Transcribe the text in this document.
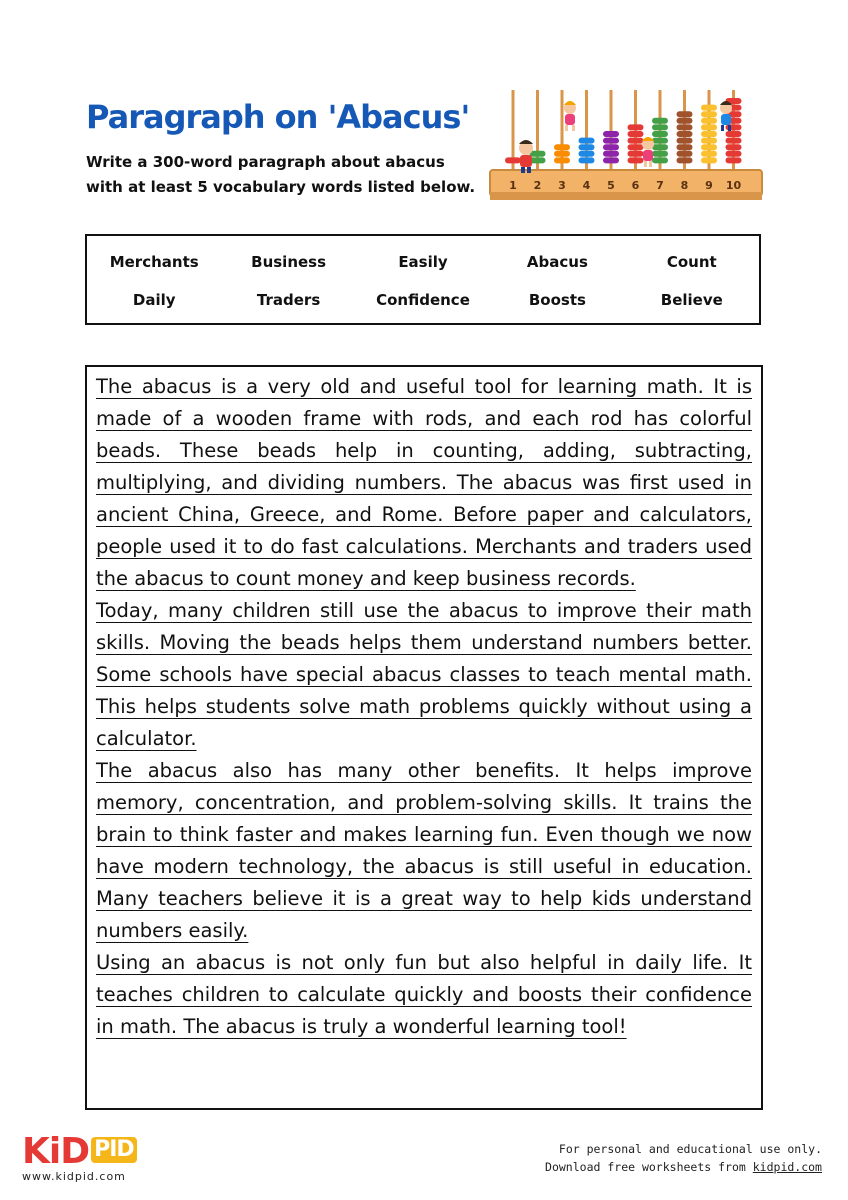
Paragraph on 'Abacus'

Write a 300-word paragraph about abacus with at least 5 vocabulary words listed below.	1 2 3 4 5 6 7 8 9 10
Merchants	Business	Easily	Abacus	Count
Daily	Traders	Confidence	Boosts	Believe

The abacus is a very old and useful tool for learning math. It is made of a wooden frame with rods, and each rod has colorful beads. These beads help in counting, adding, subtracting, multiplying, and dividing numbers. The abacus was first used in ancient China, Greece, and Rome. Before paper and calculators, people used it to do fast calculations. Merchants and traders used the abacus to count money and keep business records.

Today, many children still use the abacus to improve their math skills. Moving the beads helps them understand numbers better. Some schools have special abacus classes to teach mental math. This helps students solve math problems quickly without using a calculator.

The abacus also has many other benefits. It helps improve memory, concentration, and problem-solving skills. It trains the brain to think faster and makes learning fun. Even though we now have modern technology, the abacus is still useful in education. Many teachers believe it is a great way to help kids understand numbers easily.

Using an abacus is not only fun but also helpful in daily life. It teaches children to calculate quickly and boosts their confidence in math. The abacus is truly a wonderful learning tool!

KiD PID
www.kidpid.com
For personal and educational use only.
Download free worksheets from kidpid.com
